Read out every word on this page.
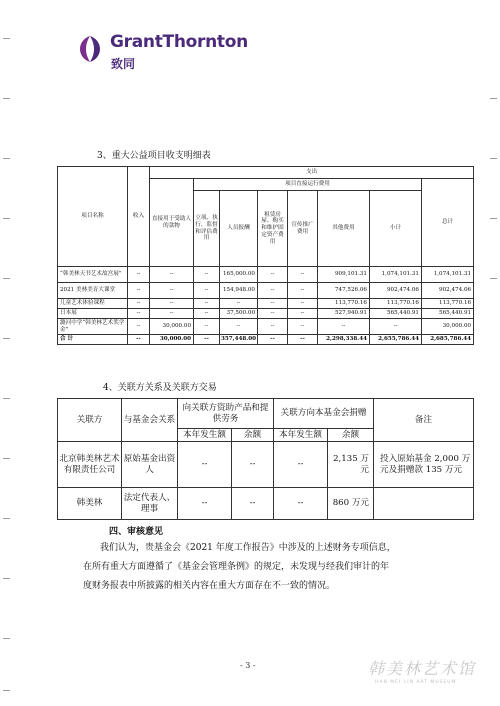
GrantThornton
致同
3、重大公益项目收支明细表
项目名称	收入	支出							
		直接用于受助人的款物	项目直接运行费用						总计
			立项、执行、监督和评估费用	人员报酬	租赁房屋、购买和维护固定资产费用	宣传推广费用	其他费用	小计	
“韩美林天书艺术故宫展”	--	--	--	165,000.00	--	--	909,101.31	1,074,101.31	1,074,101.31
2021 美林美育大课堂	--	--	--	154,948.00	--	--	747,526.06	902,474.06	902,474.06
儿童艺术体验课程	--	--	--	--	--	--	113,770.16	113,770.16	113,770.16
日本展	--	--	--	37,500.00	--	--	527,940.91	565,440.91	565,440.91
潞河中学“韩美林艺术奖学金”	--	30,000.00	--	--	--	--	--	--	30,000.00
合 计	--	30,000.00	--	357,448.00	--	--	2,298,338.44	2,655,786.44	2,685,786.44
4、关联方关系及关联方交易
关联方	与基金会关系	向关联方资助产品和提供劳务		关联方向本基金会捐赠		备注
		本年发生额	余额	本年发生额	余额	
北京韩美林艺术有限责任公司	原始基金出资人	--	--	--	2,135 万元	投入原始基金 2,000 万元及捐赠款 135 万元
韩美林	法定代表人、理事	--	--	--	860 万元	
四、审核意见
我们认为，贵基金会《2021 年度工作报告》中涉及的上述财务专项信息，
在所有重大方面遵循了《基金会管理条例》的规定，未发现与经我们审计的年
度财务报表中所披露的相关内容在重大方面存在不一致的情况。
- 3 -	韩美林艺术馆
HAN MEI LIN ART MUSEUM
